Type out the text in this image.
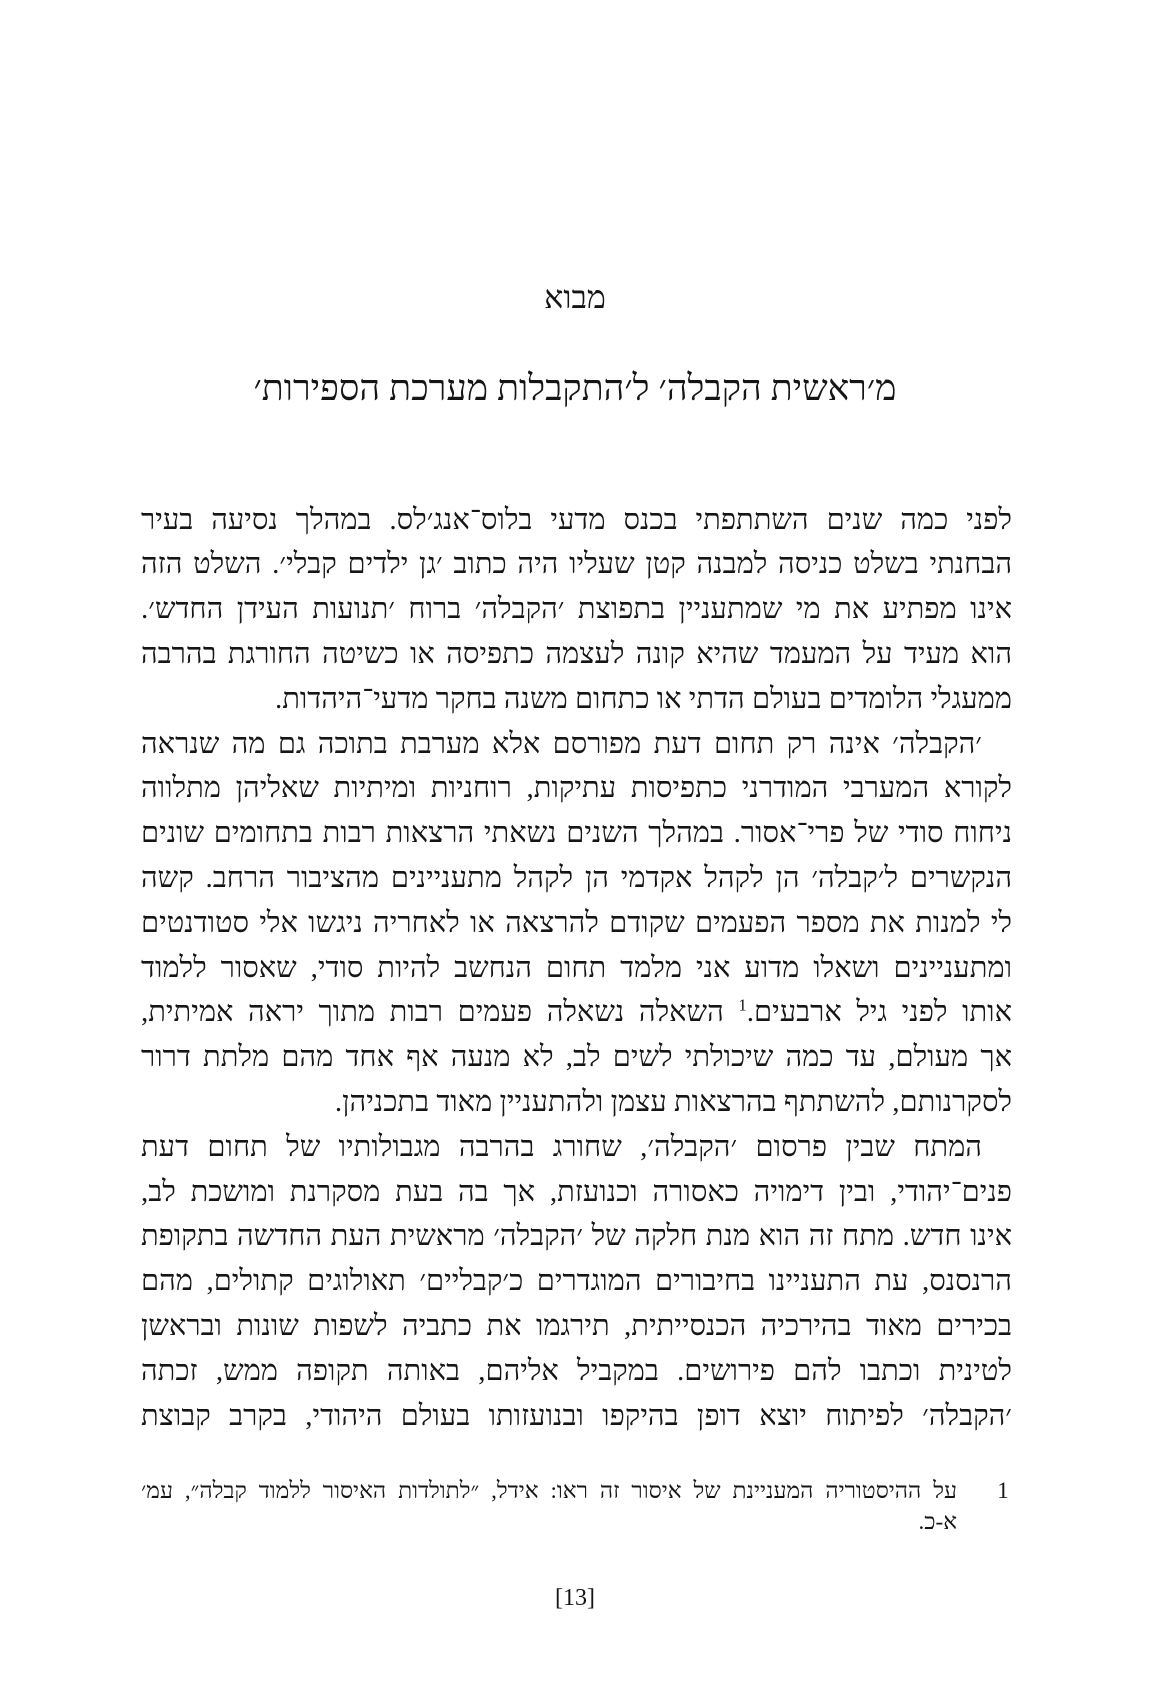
מבוא
מ׳ראשית הקבלה׳ ל׳התקבלות מערכת הספירות׳
לפני כמה שנים השתתפתי בכנס מדעי בלוס־אנג׳לס. במהלך נסיעה בעיר
הבחנתי בשלט כניסה למבנה קטן שעליו היה כתוב ׳גן ילדים קבלי׳. השלט הזה
אינו מפתיע את מי שמתעניין בתפוצת ׳הקבלה׳ ברוח ׳תנועות העידן החדש׳.
הוא מעיד על המעמד שהיא קונה לעצמה כתפיסה או כשיטה החורגת בהרבה
ממעגלי הלומדים בעולם הדתי או כתחום משנה בחקר מדעי־היהדות.
׳הקבלה׳ אינה רק תחום דעת מפורסם אלא מערבת בתוכה גם מה שנראה
לקורא המערבי המודרני כתפיסות עתיקות, רוחניות ומיתיות שאליהן מתלווה
ניחוח סודי של פרי־אסור. במהלך השנים נשאתי הרצאות רבות בתחומים שונים
הנקשרים ל׳קבלה׳ הן לקהל אקדמי הן לקהל מתעניינים מהציבור הרחב. קשה
לי למנות את מספר הפעמים שקודם להרצאה או לאחריה ניגשו אלי סטודנטים
ומתעניינים ושאלו מדוע אני מלמד תחום הנחשב להיות סודי, שאסור ללמוד
אותו לפני גיל ארבעים.$^1$ השאלה נשאלה פעמים רבות מתוך יראה אמיתית,
אך מעולם, עד כמה שיכולתי לשים לב, לא מנעה אף אחד מהם מלתת דרור
לסקרנותם, להשתתף בהרצאות עצמן ולהתעניין מאוד בתכניהן.
המתח שבין פרסום ׳הקבלה׳, שחורג בהרבה מגבולותיו של תחום דעת
פנים־יהודי, ובין דימויה כאסורה וכנועזת, אך בה בעת מסקרנת ומושכת לב,
אינו חדש. מתח זה הוא מנת חלקה של ׳הקבלה׳ מראשית העת החדשה בתקופת
הרנסנס, עת התעניינו בחיבורים המוגדרים כ׳קבליים׳ תאולוגים קתולים, מהם
בכירים מאוד בהירכיה הכנסייתית, תירגמו את כתביה לשפות שונות ובראשן
לטינית וכתבו להם פירושים. במקביל אליהם, באותה תקופה ממש, זכתה
׳הקבלה׳ לפיתוח יוצא דופן בהיקפו ובנועזותו בעולם היהודי, בקרב קבוצת
1
על ההיסטוריה המעניינת של איסור זה ראו: אידל, ״לתולדות האיסור ללמוד קבלה״, עמ׳
א-כ.
[13]
